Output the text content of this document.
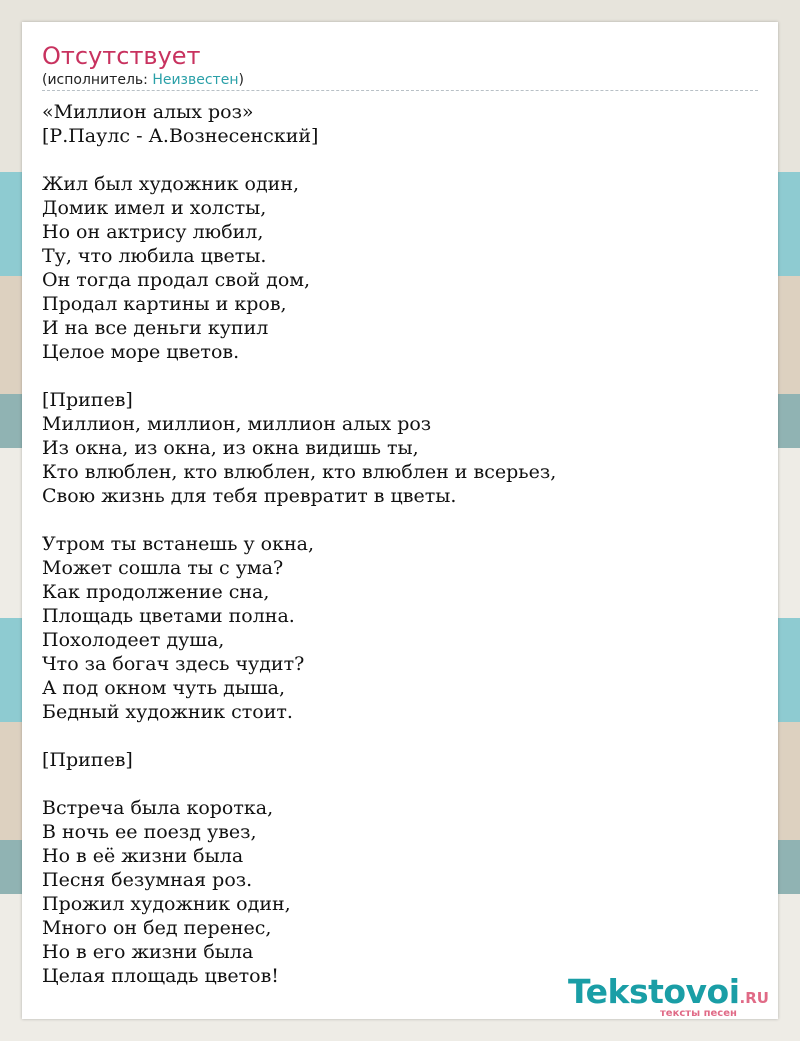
Отсутствует
(исполнитель: Неизвестен)
«Миллион алых роз»
[Р.Паулс - А.Вознесенский]
Жил был художник один,
Домик имел и холсты,
Но он актрису любил,
Ту, что любила цветы.
Он тогда продал свой дом,
Продал картины и кров,
И на все деньги купил
Целое море цветов.
[Припев]
Миллион, миллион, миллион алых роз
Из окна, из окна, из окна видишь ты,
Кто влюблен, кто влюблен, кто влюблен и всерьез,
Свою жизнь для тебя превратит в цветы.
Утром ты встанешь у окна,
Может сошла ты с ума?
Как продолжение сна,
Площадь цветами полна.
Похолодеет душа,
Что за богач здесь чудит?
А под окном чуть дыша,
Бедный художник стоит.
[Припев]
Встреча была коротка,
В ночь ее поезд увез,
Но в её жизни была
Песня безумная роз.
Прожил художник один,
Много он бед перенес,
Но в его жизни была
Целая площадь цветов!	Tekstovoi.RU
тексты песен
